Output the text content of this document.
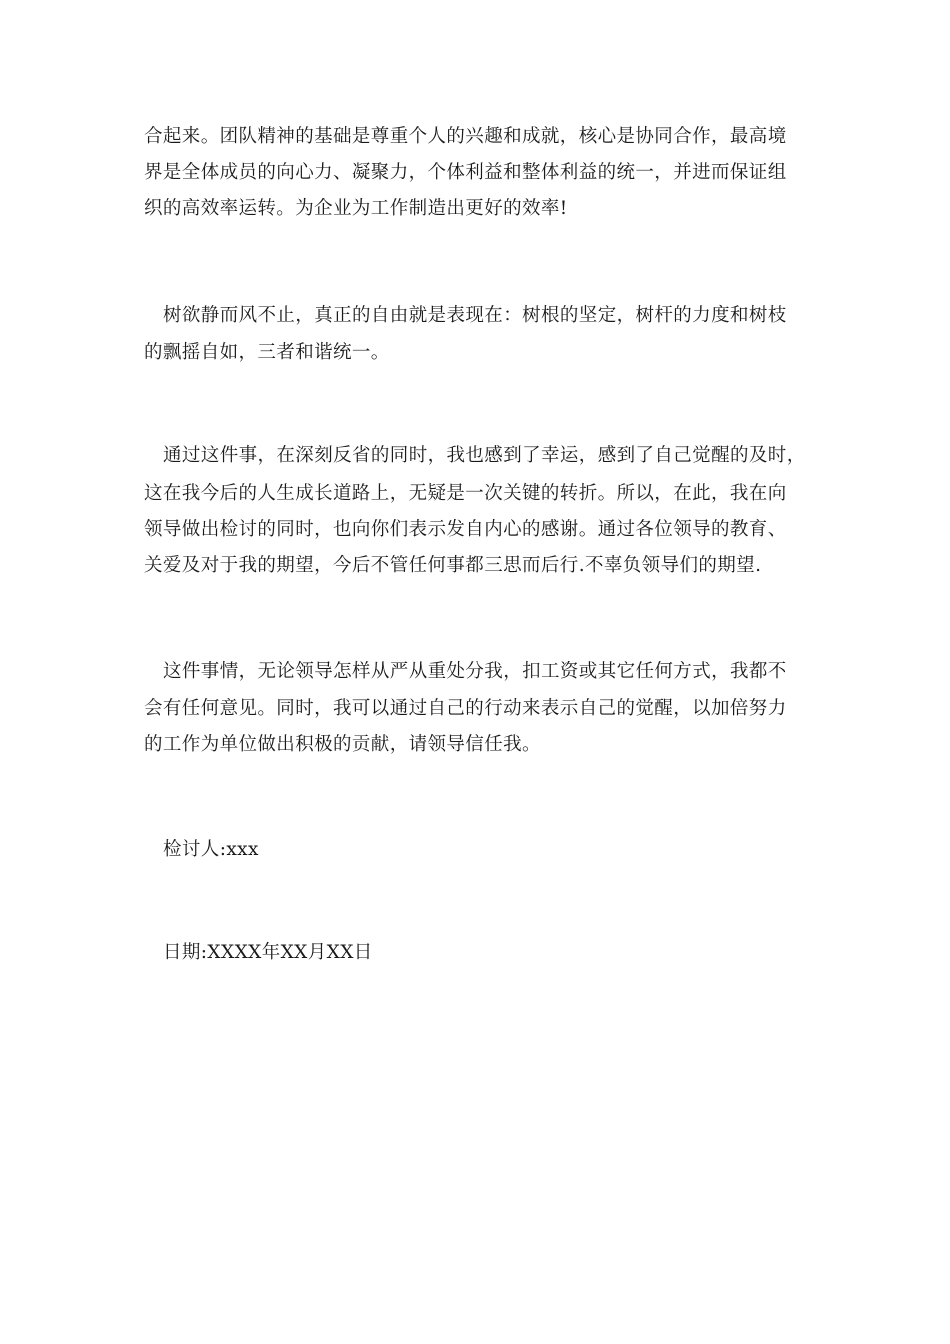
合起来。团队精神的基础是尊重个人的兴趣和成就，核心是协同合作，最高境
界是全体成员的向心力、凝聚力，个体利益和整体利益的统一，并进而保证组
织的高效率运转。为企业为工作制造出更好的效率!
树欲静而风不止，真正的自由就是表现在：树根的坚定，树杆的力度和树枝
的飘摇自如，三者和谐统一。
通过这件事，在深刻反省的同时，我也感到了幸运，感到了自己觉醒的及时，
这在我今后的人生成长道路上，无疑是一次关键的转折。所以，在此，我在向
领导做出检讨的同时，也向你们表示发自内心的感谢。通过各位领导的教育、
关爱及对于我的期望，今后不管任何事都三思而后行.不辜负领导们的期望.
这件事情，无论领导怎样从严从重处分我，扣工资或其它任何方式，我都不
会有任何意见。同时，我可以通过自己的行动来表示自己的觉醒，以加倍努力
的工作为单位做出积极的贡献，请领导信任我。
检讨人:xxx
日期:XXXX年XX月XX日
